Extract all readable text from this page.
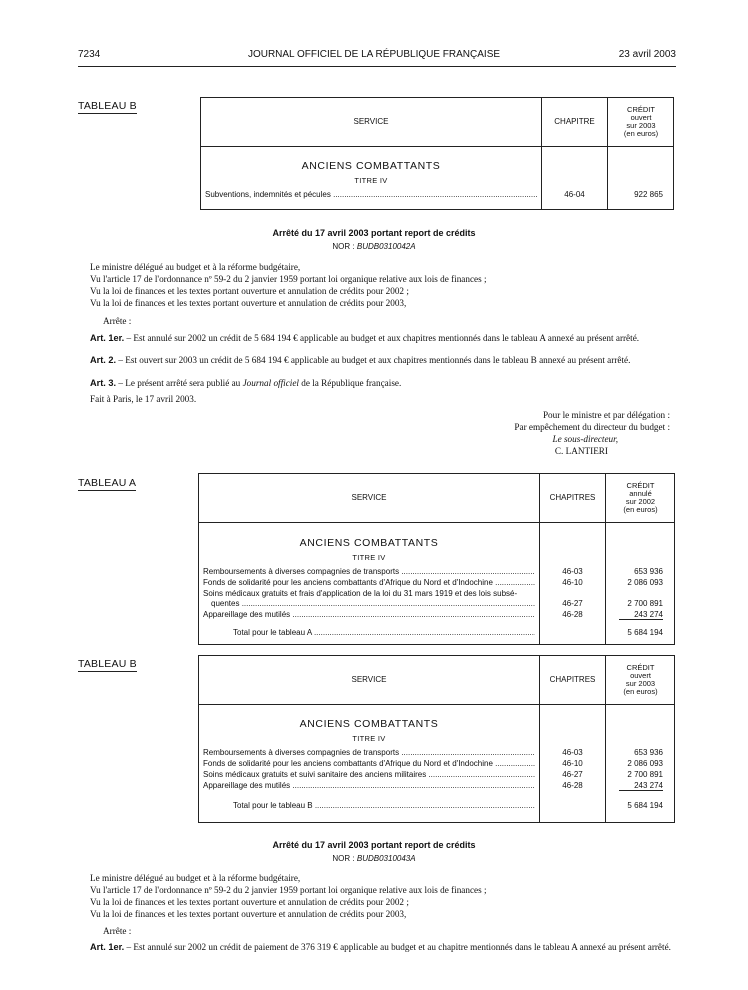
7234	JOURNAL OFFICIEL DE LA RÉPUBLIQUE FRANÇAISE	23 avril 2003
TABLEAU B
SERVICE	CHAPITRE
CRÉDIT
ouvert
sur 2003
(en euros)
ANCIENS COMBATTANTS
TITRE IV
Subventions, indemnités et pécules .....	46-04	922 865
Arrêté du 17 avril 2003 portant report de crédits
NOR : BUDB0310042A
Le ministre délégué au budget et à la réforme budgétaire,
Vu l'article 17 de l'ordonnance nº 59-2 du 2 janvier 1959 portant loi organique relative aux lois de finances ;
Vu la loi de finances et les textes portant ouverture et annulation de crédits pour 2002 ;
Vu la loi de finances et les textes portant ouverture et annulation de crédits pour 2003,
Arrête :
Art. 1er. – Est annulé sur 2002 un crédit de 5 684 194 € applicable au budget et aux chapitres mentionnés dans le tableau A annexé au présent arrêté.
Art. 2. – Est ouvert sur 2003 un crédit de 5 684 194 € applicable au budget et aux chapitres mentionnés dans le tableau B annexé au présent arrêté.
Art. 3. – Le présent arrêté sera publié au Journal officiel de la République française.
Fait à Paris, le 17 avril 2003.
Pour le ministre et par délégation :
Par empêchement du directeur du budget :
Le sous-directeur,
C. LANTIERI
TABLEAU A
SERVICE	CHAPITRES
CRÉDIT
annulé
sur 2002
(en euros)
ANCIENS COMBATTANTS
TITRE IV
Remboursements à diverses compagnies de transports .....	46-03	653 936
Fonds de solidarité pour les anciens combattants d'Afrique du Nord et d'Indochine .....	46-10	2 086 093
Soins médicaux gratuits et frais d'application de la loi du 31 mars 1919 et des lois subsé-
quentes .....	46-27	2 700 891
Appareillage des mutilés .....	46-28	243 274
Total pour le tableau A .....	5 684 194
TABLEAU B
SERVICE	CHAPITRES
CRÉDIT
ouvert
sur 2003
(en euros)
ANCIENS COMBATTANTS
TITRE IV
Remboursements à diverses compagnies de transports .....	46-03	653 936
Fonds de solidarité pour les anciens combattants d'Afrique du Nord et d'Indochine .....	46-10	2 086 093
Soins médicaux gratuits et suivi sanitaire des anciens militaires .....	46-27	2 700 891
Appareillage des mutilés .....	46-28	243 274
Total pour le tableau B .....	5 684 194
Arrêté du 17 avril 2003 portant report de crédits
NOR : BUDB0310043A
Le ministre délégué au budget et à la réforme budgétaire,
Vu l'article 17 de l'ordonnance nº 59-2 du 2 janvier 1959 portant loi organique relative aux lois de finances ;
Vu la loi de finances et les textes portant ouverture et annulation de crédits pour 2002 ;
Vu la loi de finances et les textes portant ouverture et annulation de crédits pour 2003,
Arrête :
Art. 1er. – Est annulé sur 2002 un crédit de paiement de 376 319 € applicable au budget et au chapitre mentionnés dans le tableau A annexé au présent arrêté.
